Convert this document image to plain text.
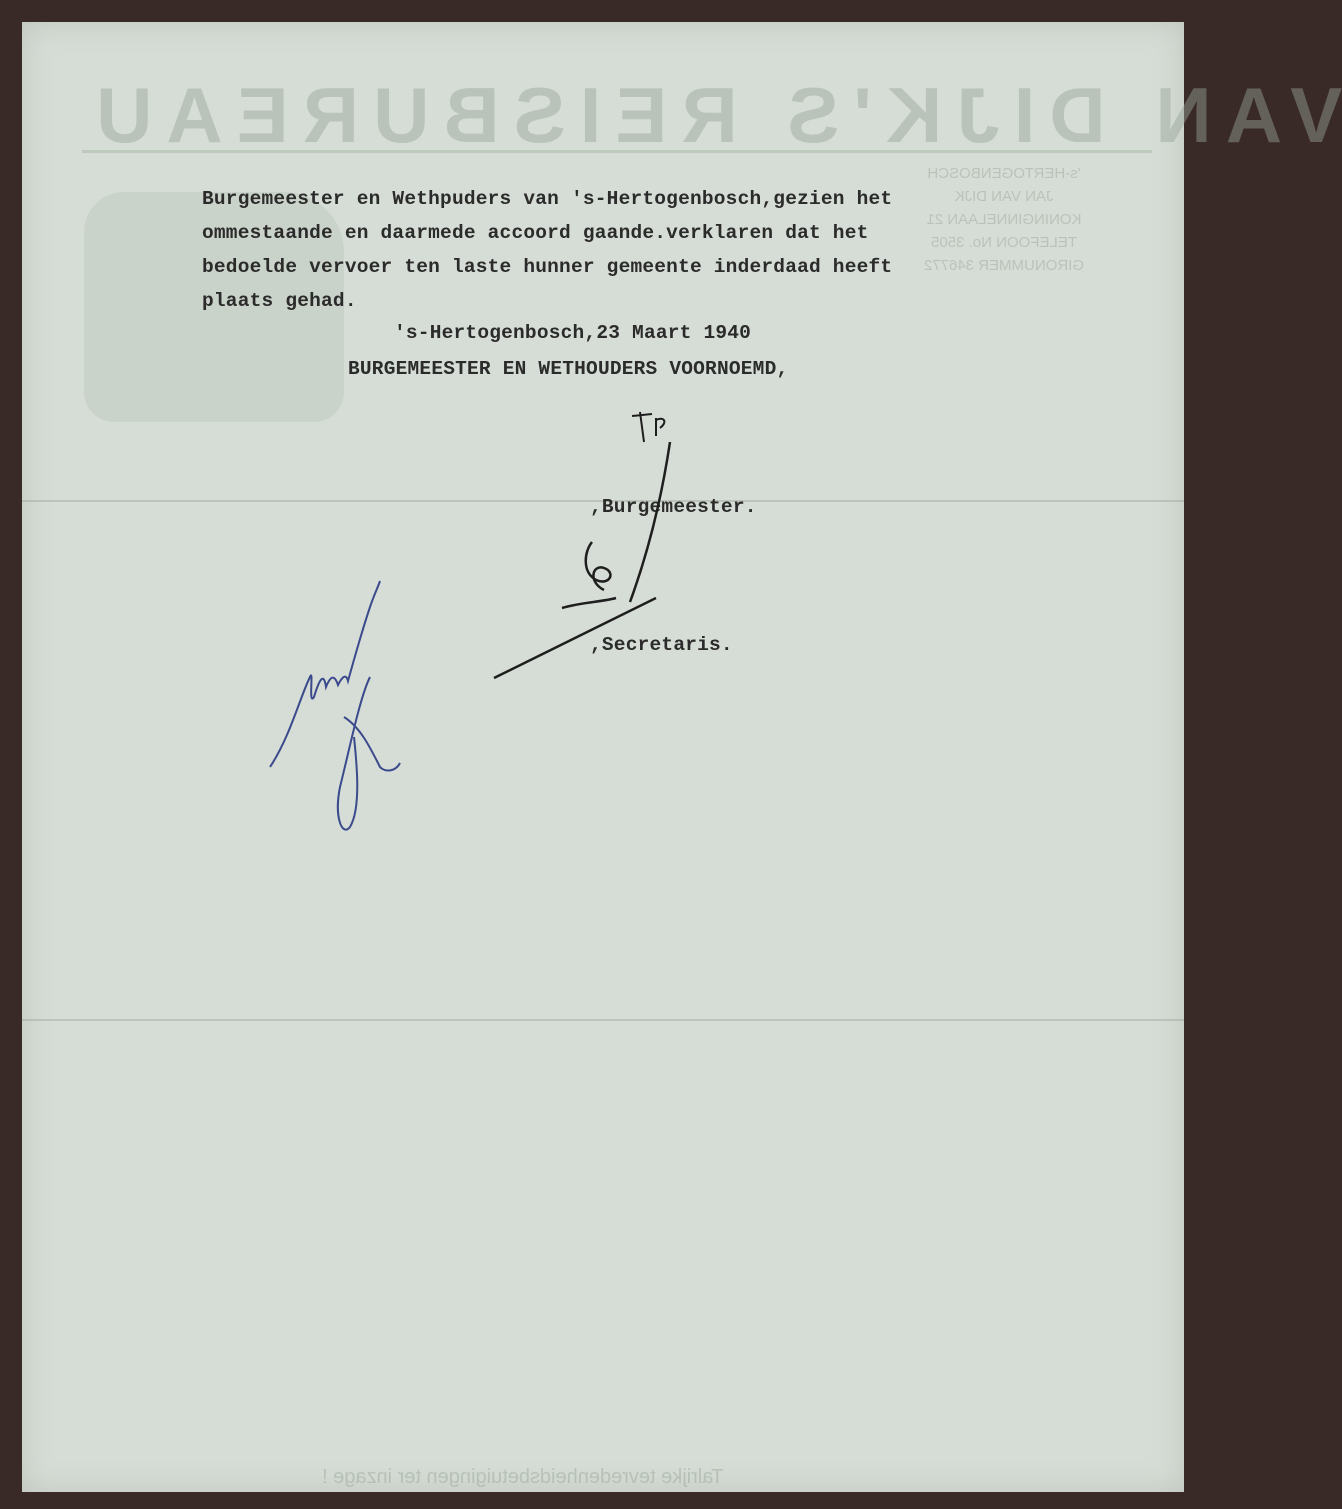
VAN DIJK'S REISBUREAU
's-HERTOGENBOSCH
JAN VAN DIJK
KONINGINNELAAN 21
TELEFOON No. 3505
GIRONUMMER 346772
Talrijke tevredenheidsbetuigingen ter inzage !
Burgemeester en Wethpuders van 's-Hertogenbosch,gezien het
ommestaande en daarmede accoord gaande.verklaren dat het
bedoelde vervoer ten laste hunner gemeente inderdaad heeft
plaats gehad.
's-Hertogenbosch,23 Maart 1940
BURGEMEESTER EN WETHOUDERS VOORNOEMD,
,Burgemeester.
,Secretaris.
